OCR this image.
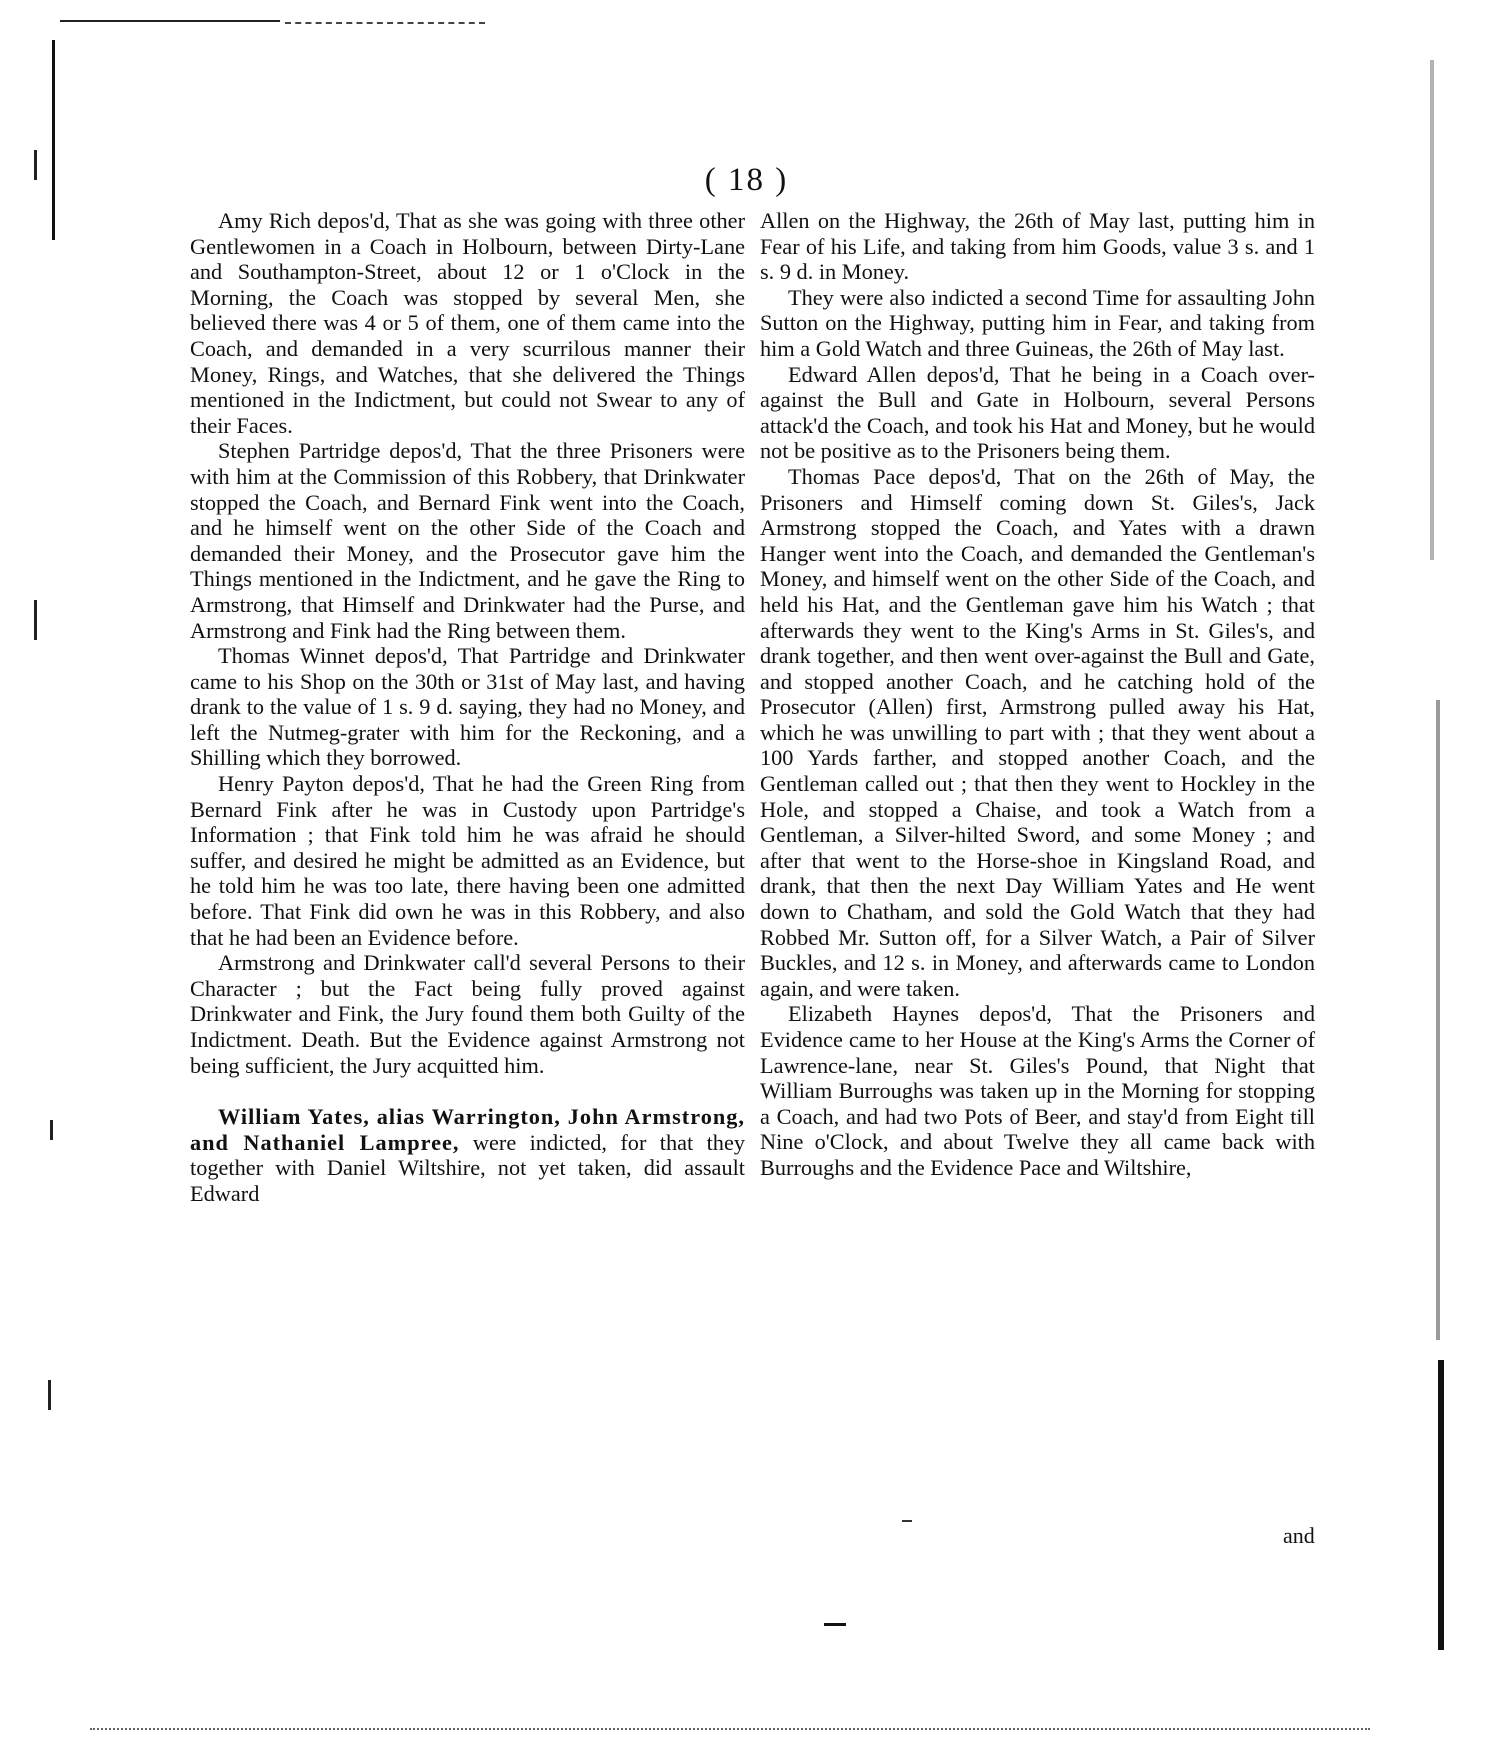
( 18 )

Amy Rich depos'd, That as she was going with three other Gentlewomen in a Coach in Holbourn, between Dirty-Lane and Southampton-Street, about 12 or 1 o'Clock in the Morning, the Coach was stopped by several Men, she believed there was 4 or 5 of them, one of them came into the Coach, and demanded in a very scurrilous manner their Money, Rings, and Watches, that she delivered the Things mentioned in the Indictment, but could not Swear to any of their Faces.

Stephen Partridge depos'd, That the three Prisoners were with him at the Commission of this Robbery, that Drinkwater stopped the Coach, and Bernard Fink went into the Coach, and he himself went on the other Side of the Coach and demanded their Money, and the Prosecutor gave him the Things mentioned in the Indictment, and he gave the Ring to Armstrong, that Himself and Drinkwater had the Purse, and Armstrong and Fink had the Ring between them.

Thomas Winnet depos'd, That Partridge and Drinkwater came to his Shop on the 30th or 31st of May last, and having drank to the value of 1 s. 9 d. saying, they had no Money, and left the Nutmeg-grater with him for the Reckoning, and a Shilling which they borrowed.

Henry Payton depos'd, That he had the Green Ring from Bernard Fink after he was in Custody upon Partridge's Information ; that Fink told him he was afraid he should suffer, and desired he might be admitted as an Evidence, but he told him he was too late, there having been one admitted before. That Fink did own he was in this Robbery, and also that he had been an Evidence before.

Armstrong and Drinkwater call'd several Persons to their Character ; but the Fact being fully proved against Drinkwater and Fink, the Jury found them both Guilty of the Indictment. Death. But the Evidence against Armstrong not being sufficient, the Jury acquitted him.

William Yates, alias Warrington, John Armstrong, and Nathaniel Lampree, were indicted, for that they together with Daniel Wiltshire, not yet taken, did assault Edward

Allen on the Highway, the 26th of May last, putting him in Fear of his Life, and taking from him Goods, value 3 s. and 1 s. 9 d. in Money.

They were also indicted a second Time for assaulting John Sutton on the Highway, putting him in Fear, and taking from him a Gold Watch and three Guineas, the 26th of May last.

Edward Allen depos'd, That he being in a Coach over-against the Bull and Gate in Holbourn, several Persons attack'd the Coach, and took his Hat and Money, but he would not be positive as to the Prisoners being them.

Thomas Pace depos'd, That on the 26th of May, the Prisoners and Himself coming down St. Giles's, Jack Armstrong stopped the Coach, and Yates with a drawn Hanger went into the Coach, and demanded the Gentleman's Money, and himself went on the other Side of the Coach, and held his Hat, and the Gentleman gave him his Watch ; that afterwards they went to the King's Arms in St. Giles's, and drank together, and then went over-against the Bull and Gate, and stopped another Coach, and he catching hold of the Prosecutor (Allen) first, Armstrong pulled away his Hat, which he was unwilling to part with ; that they went about a 100 Yards farther, and stopped another Coach, and the Gentleman called out ; that then they went to Hockley in the Hole, and stopped a Chaise, and took a Watch from a Gentleman, a Silver-hilted Sword, and some Money ; and after that went to the Horse-shoe in Kingsland Road, and drank, that then the next Day William Yates and He went down to Chatham, and sold the Gold Watch that they had Robbed Mr. Sutton off, for a Silver Watch, a Pair of Silver Buckles, and 12 s. in Money, and afterwards came to London again, and were taken.

Elizabeth Haynes depos'd, That the Prisoners and Evidence came to her House at the King's Arms the Corner of Lawrence-lane, near St. Giles's Pound, that Night that William Burroughs was taken up in the Morning for stopping a Coach, and had two Pots of Beer, and stay'd from Eight till Nine o'Clock, and about Twelve they all came back with Burroughs and the Evidence Pace and Wiltshire,

and
